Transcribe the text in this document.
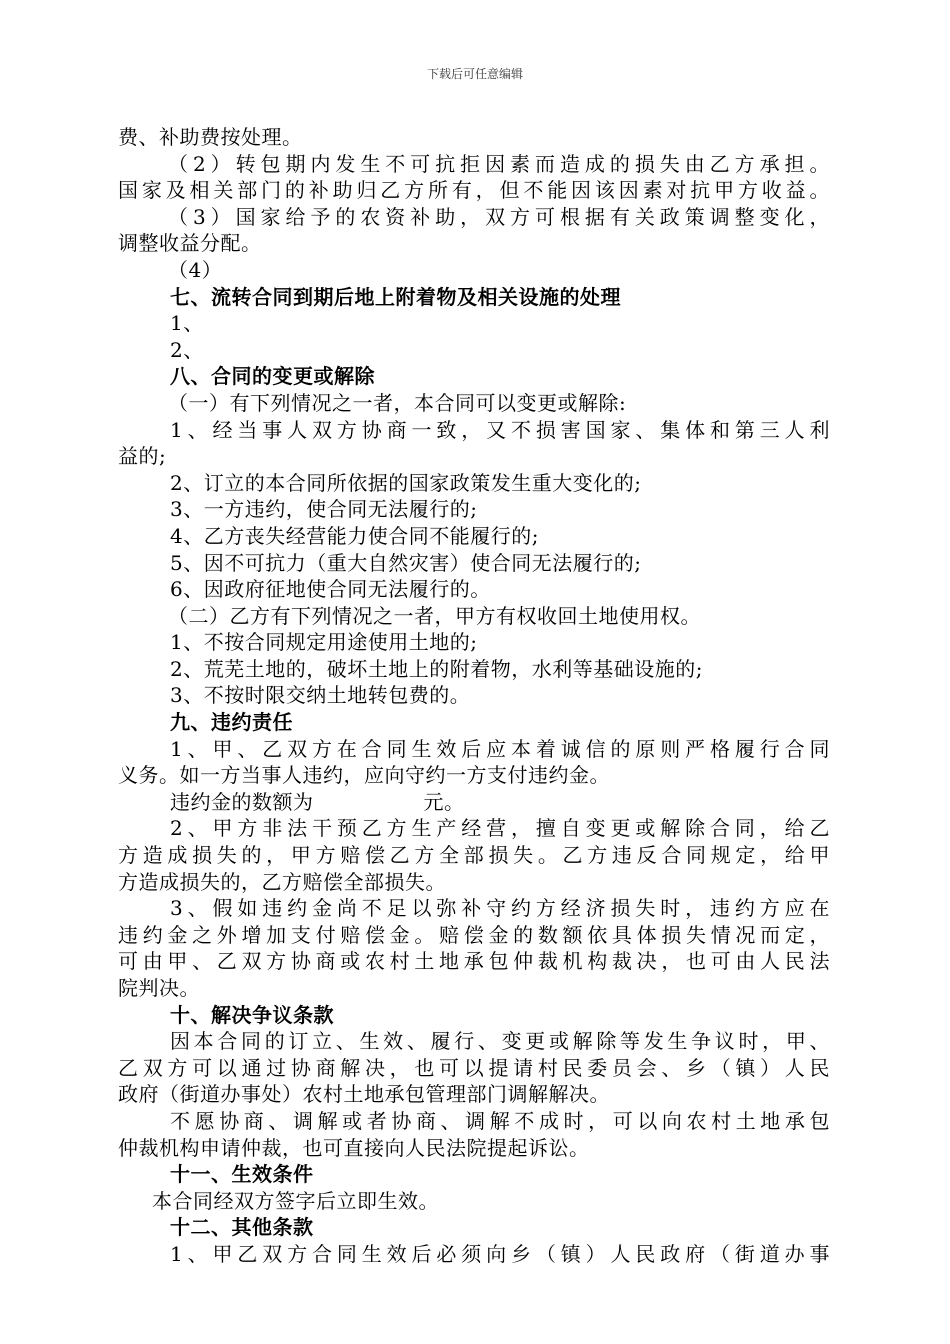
下载后可任意编辑
费、补助费按处理。
（2）转包期内发生不可抗拒因素而造成的损失由乙方承担。
国家及相关部门的补助归乙方所有，但不能因该因素对抗甲方收益。
（3）国家给予的农资补助，双方可根据有关政策调整变化，
调整收益分配。
（4）
七、流转合同到期后地上附着物及相关设施的处理
1、
2、
八、合同的变更或解除
（一）有下列情况之一者，本合同可以变更或解除:
1、经当事人双方协商一致，又不损害国家、集体和第三人利
益的;
2、订立的本合同所依据的国家政策发生重大变化的;
3、一方违约，使合同无法履行的;
4、乙方丧失经营能力使合同不能履行的;
5、因不可抗力（重大自然灾害）使合同无法履行的;
6、因政府征地使合同无法履行的。
（二）乙方有下列情况之一者，甲方有权收回土地使用权。
1、不按合同规定用途使用土地的;
2、荒芜土地的，破坏土地上的附着物，水利等基础设施的;
3、不按时限交纳土地转包费的。
九、违约责任
1、甲、乙双方在合同生效后应本着诚信的原则严格履行合同
义务。如一方当事人违约，应向守约一方支付违约金。
违约金的数额为	元。
2、甲方非法干预乙方生产经营，擅自变更或解除合同，给乙
方造成损失的，甲方赔偿乙方全部损失。乙方违反合同规定，给甲
方造成损失的，乙方赔偿全部损失。
3、假如违约金尚不足以弥补守约方经济损失时，违约方应在
违约金之外增加支付赔偿金。赔偿金的数额依具体损失情况而定，
可由甲、乙双方协商或农村土地承包仲裁机构裁决，也可由人民法
院判决。
十、解决争议条款
因本合同的订立、生效、履行、变更或解除等发生争议时，甲、
乙双方可以通过协商解决，也可以提请村民委员会、乡（镇）人民
政府（街道办事处）农村土地承包管理部门调解解决。
不愿协商、调解或者协商、调解不成时，可以向农村土地承包
仲裁机构申请仲裁，也可直接向人民法院提起诉讼。
十一、生效条件
本合同经双方签字后立即生效。
十二、其他条款
1、甲乙双方合同生效后必须向乡（镇）人民政府（街道办事
